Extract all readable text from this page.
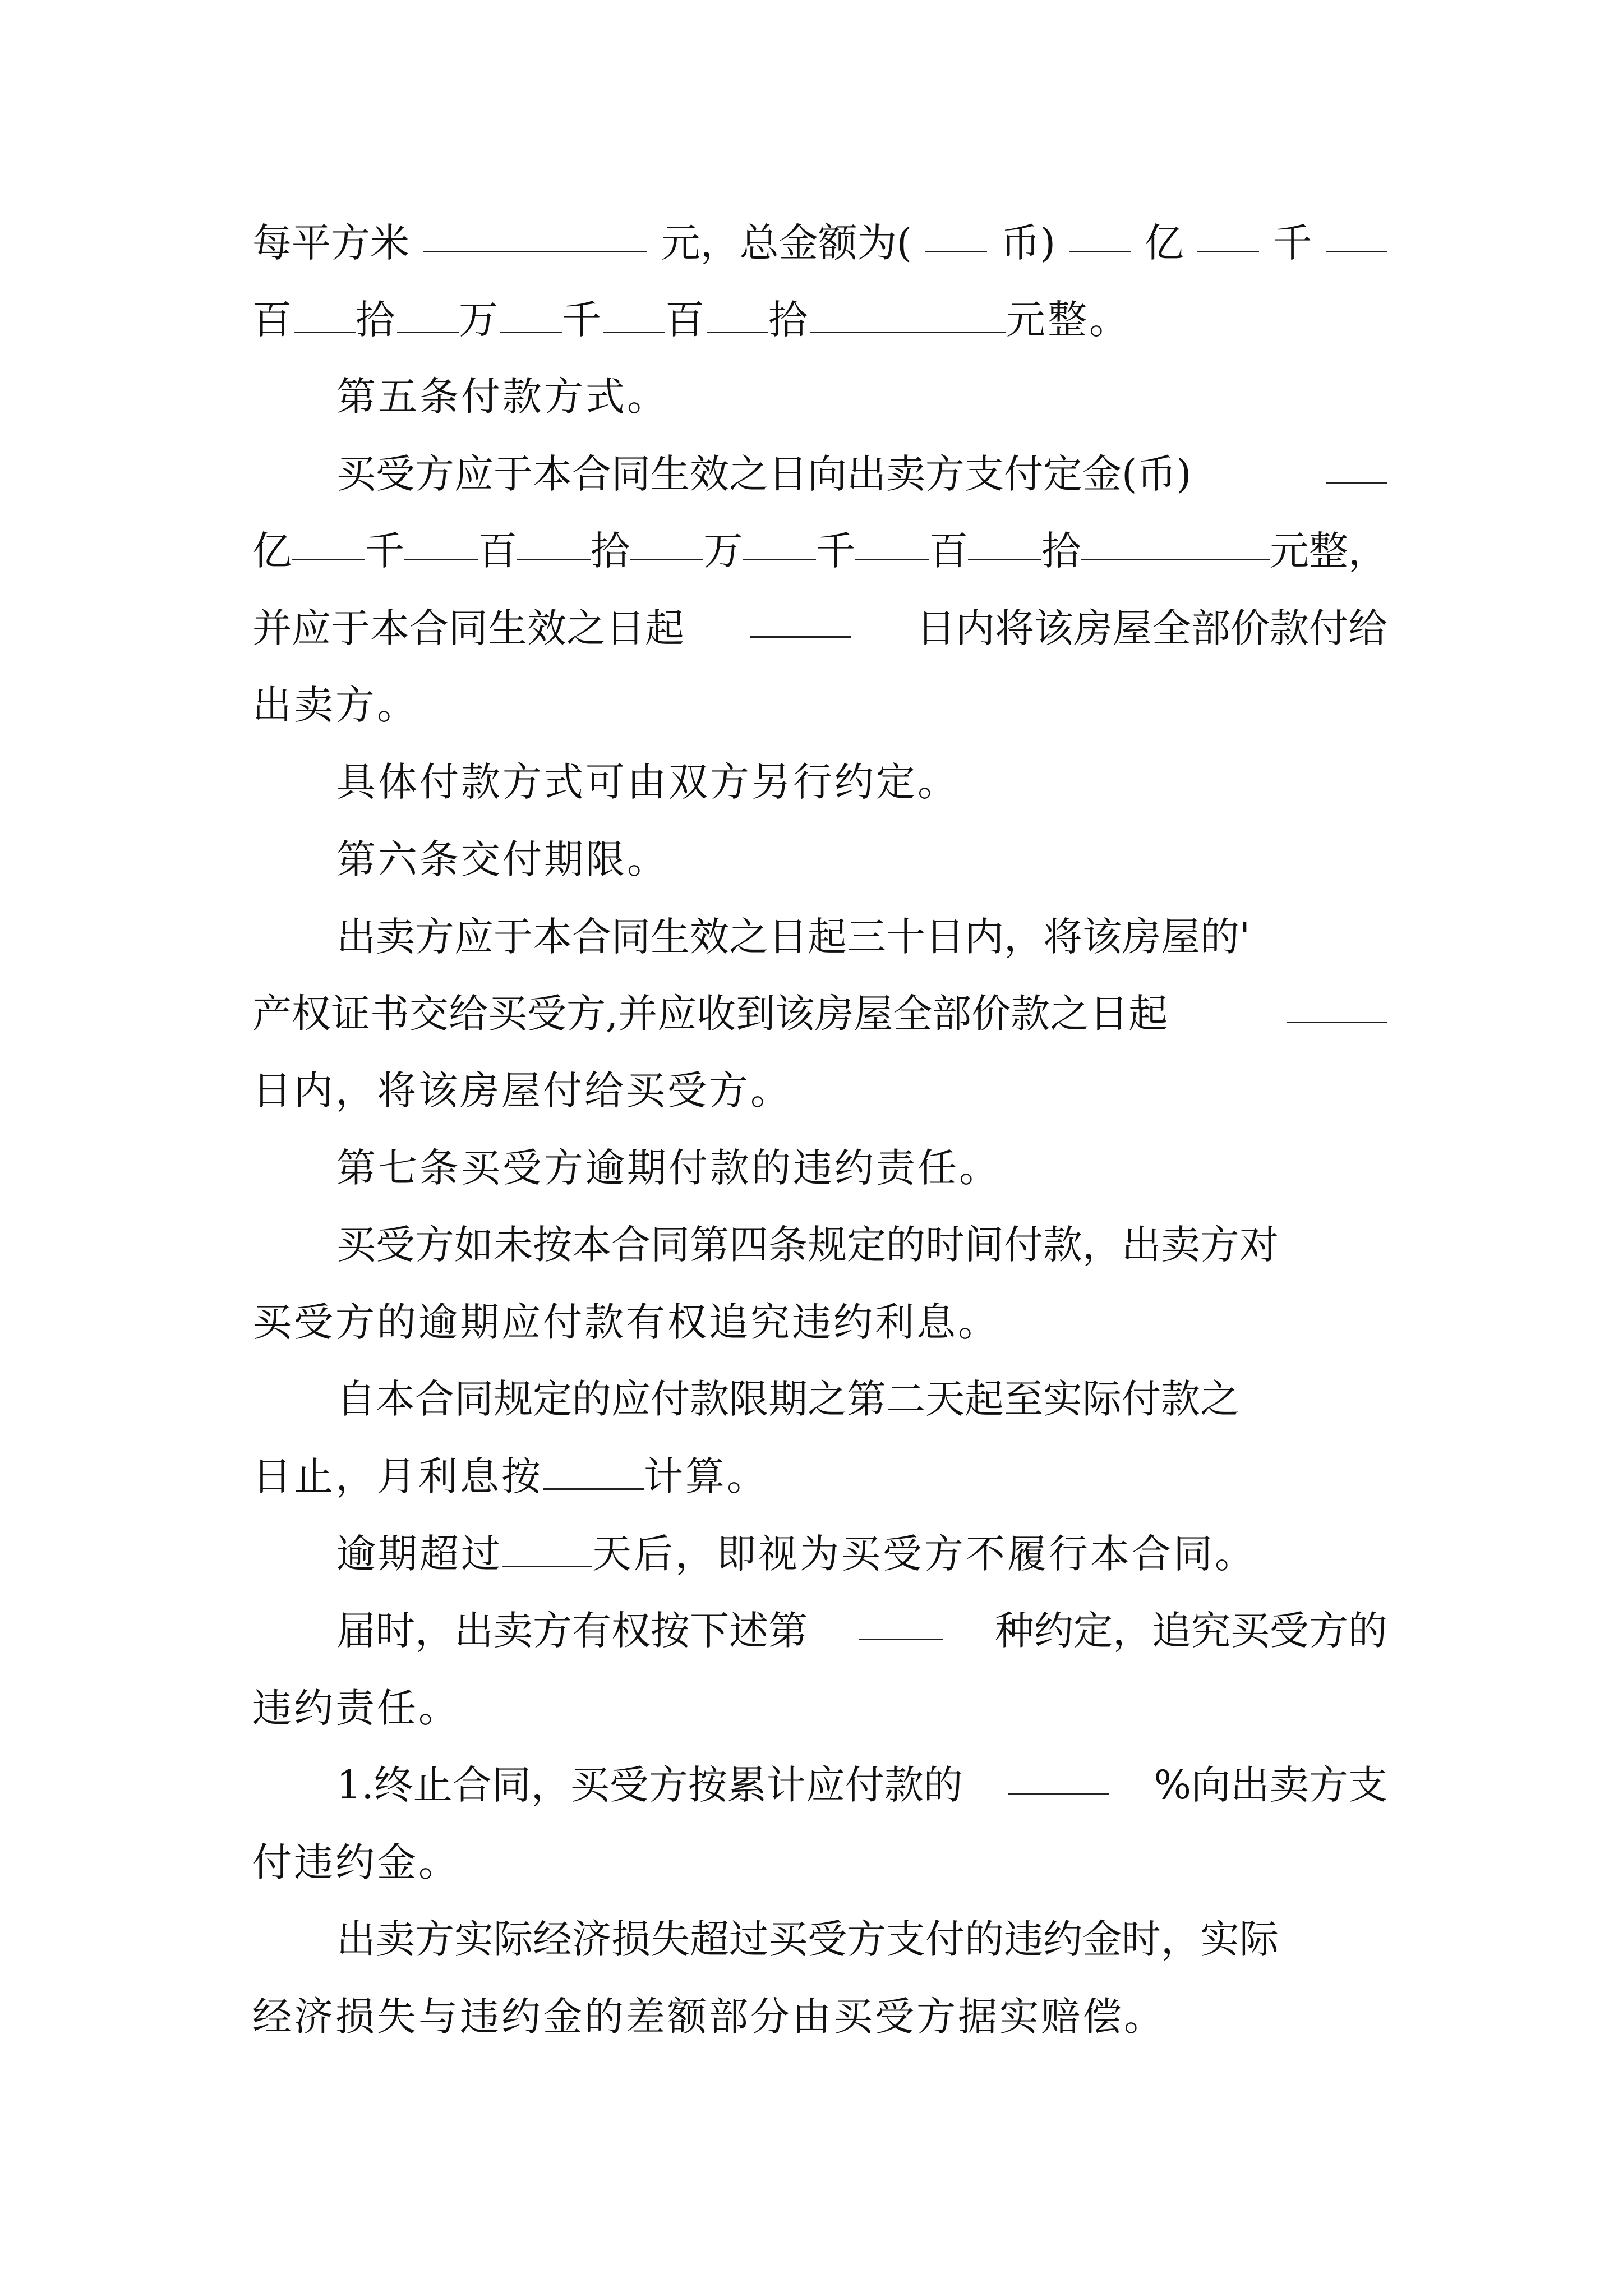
每平方米	元，总金额为( 币) 亿 千
百 拾 万 千 百 拾	元整。
第五条付款方式。
买受方应于本合同生效之日向出卖方支付定金(币)
亿 千 百 拾 万 千 百 拾	元整，
并应于本合同生效之日起	日内将该房屋全部价款付给
出卖方。
具体付款方式可由双方另行约定。
第六条交付期限。
出卖方应于本合同生效之日起三十日内，将该房屋的'
产权证书交给买受方,并应收到该房屋全部价款之日起
日内，将该房屋付给买受方。
第七条买受方逾期付款的违约责任。
买受方如未按本合同第四条规定的时间付款，出卖方对
买受方的逾期应付款有权追究违约利息。
自本合同规定的应付款限期之第二天起至实际付款之
日止，月利息按	计算。
逾期超过 天后，即视为买受方不履行本合同。
届时，出卖方有权按下述第	种约定，追究买受方的
违约责任。
1.终止合同，买受方按累计应付款的	%向出卖方支
付违约金。
出卖方实际经济损失超过买受方支付的违约金时，实际
经济损失与违约金的差额部分由买受方据实赔偿。
